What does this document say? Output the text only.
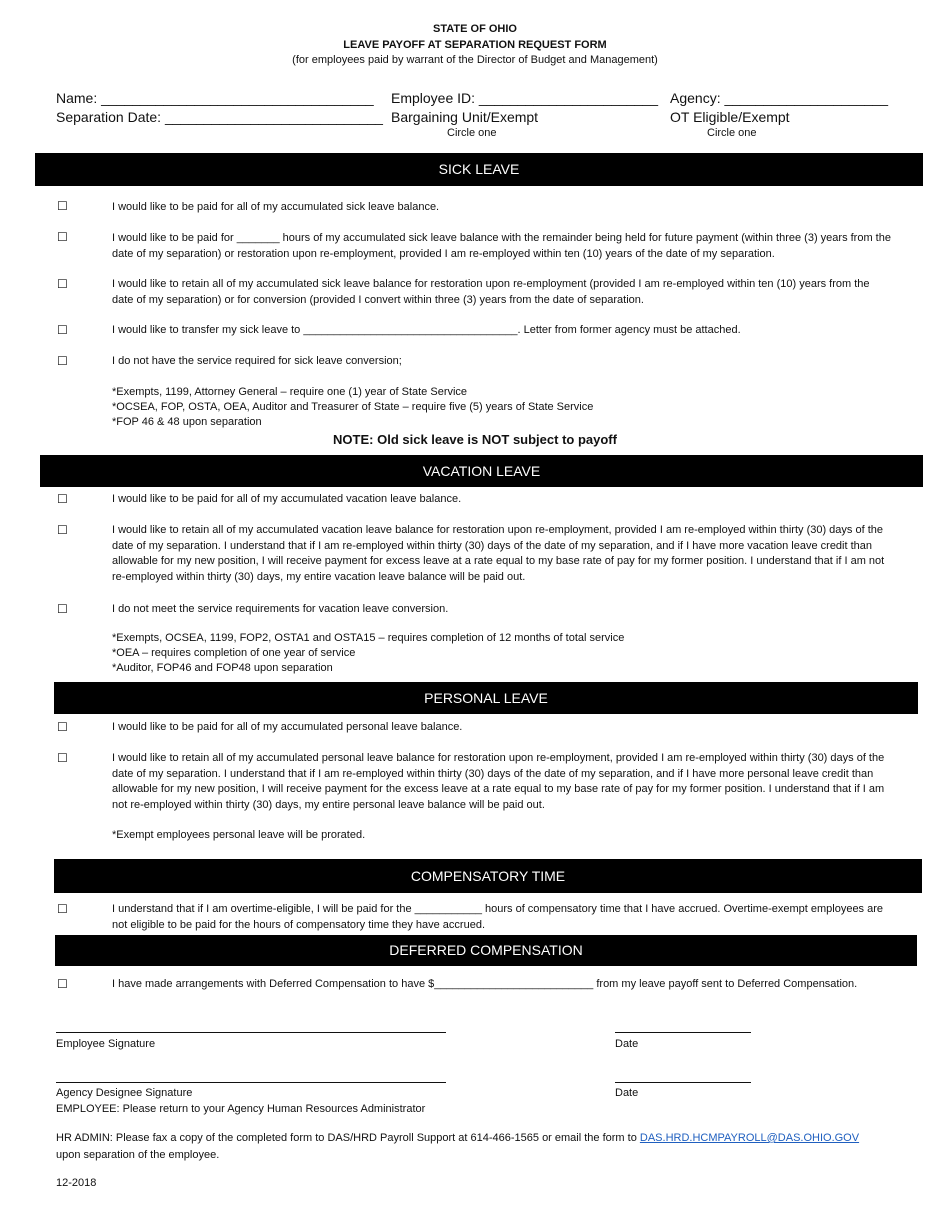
STATE OF OHIO
LEAVE PAYOFF AT SEPARATION REQUEST FORM
(for employees paid by warrant of the Director of Budget and Management)
Name: ___________________________________ Employee ID: _______________________ Agency: _____________________
Separation Date: ____________________________ Bargaining Unit/Exempt	OT Eligible/Exempt
Circle one	Circle one
SICK LEAVE
☐	I would like to be paid for all of my accumulated sick leave balance.
☐	I would like to be paid for _______ hours of my accumulated sick leave balance with the remainder being held for future payment (within three (3) years from the date of my separation) or restoration upon re-employment, provided I am re-employed within ten (10) years of the date of my separation.
☐	I would like to retain all of my accumulated sick leave balance for restoration upon re-employment (provided I am re-employed within ten (10) years from the date of my separation) or for conversion (provided I convert within three (3) years from the date of separation.
☐	I would like to transfer my sick leave to ___________________________________. Letter from former agency must be attached.
☐	I do not have the service required for sick leave conversion;
*Exempts, 1199, Attorney General – require one (1) year of State Service
*OCSEA, FOP, OSTA, OEA, Auditor and Treasurer of State – require five (5) years of State Service
*FOP 46 & 48 upon separation
NOTE: Old sick leave is NOT subject to payoff
VACATION LEAVE
☐	I would like to be paid for all of my accumulated vacation leave balance.
☐	I would like to retain all of my accumulated vacation leave balance for restoration upon re-employment, provided I am re-employed within thirty (30) days of the date of my separation. I understand that if I am re-employed within thirty (30) days of the date of my separation, and if I have more vacation leave credit than allowable for my new position, I will receive payment for excess leave at a rate equal to my base rate of pay for my former position. I understand that if I am not re-employed within thirty (30) days, my entire vacation leave balance will be paid out.
☐	I do not meet the service requirements for vacation leave conversion.
*Exempts, OCSEA, 1199, FOP2, OSTA1 and OSTA15 – requires completion of 12 months of total service
*OEA – requires completion of one year of service
*Auditor, FOP46 and FOP48 upon separation
PERSONAL LEAVE
☐	I would like to be paid for all of my accumulated personal leave balance.
☐	I would like to retain all of my accumulated personal leave balance for restoration upon re-employment, provided I am re-employed within thirty (30) days of the date of my separation. I understand that if I am re-employed within thirty (30) days of the date of my separation, and if I have more personal leave credit than allowable for my new position, I will receive payment for the excess leave at a rate equal to my base rate of pay for my former position. I understand that if I am not re-employed within thirty (30) days, my entire personal leave balance will be paid out.
*Exempt employees personal leave will be prorated.
COMPENSATORY TIME
☐	I understand that if I am overtime-eligible, I will be paid for the ___________ hours of compensatory time that I have accrued. Overtime-exempt employees are not eligible to be paid for the hours of compensatory time they have accrued.
DEFERRED COMPENSATION
☐	I have made arrangements with Deferred Compensation to have $__________________________ from my leave payoff sent to Deferred Compensation.
Employee Signature	Date
Agency Designee Signature	Date
EMPLOYEE: Please return to your Agency Human Resources Administrator
HR ADMIN: Please fax a copy of the completed form to DAS/HRD Payroll Support at 614-466-1565 or email the form to DAS.HRD.HCMPAYROLL@DAS.OHIO.GOV
upon separation of the employee.
12-2018
